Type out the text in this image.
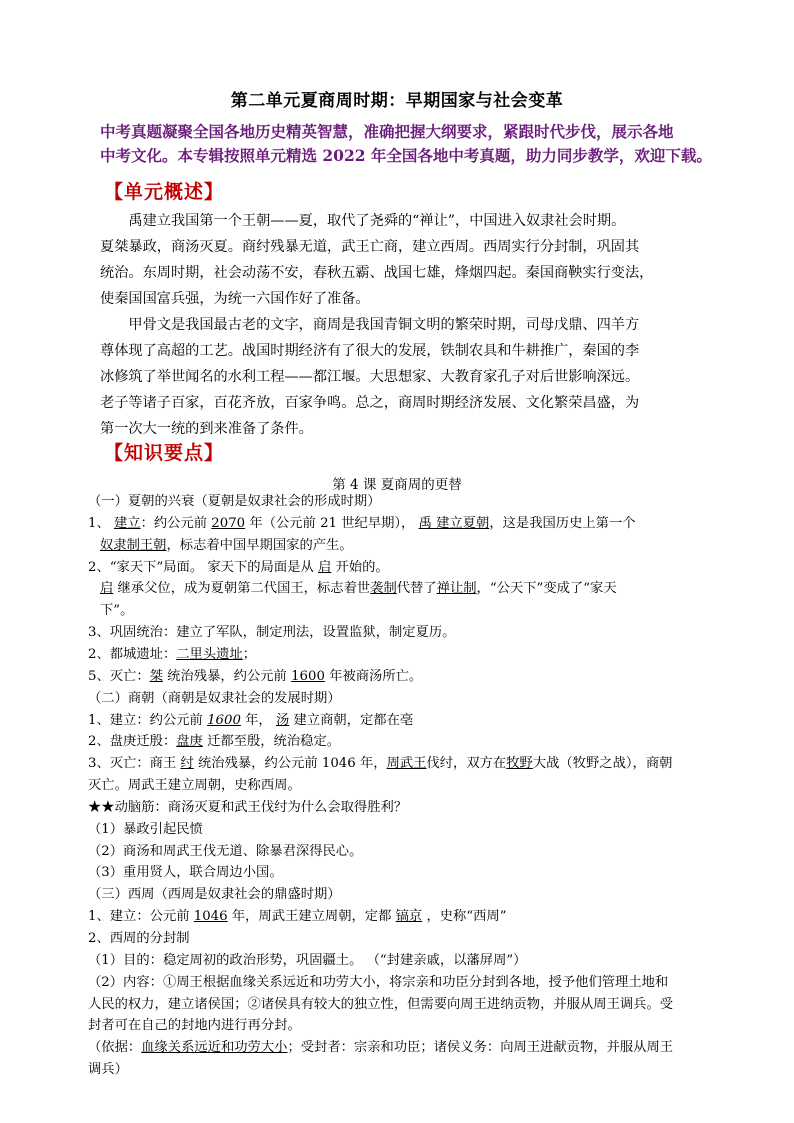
第二单元夏商周时期：早期国家与社会变革
中考真题凝聚全国各地历史精英智慧，准确把握大纲要求，紧跟时代步伐，展示各地
中考文化。本专辑按照单元精选 2022 年全国各地中考真题，助力同步教学，欢迎下载。
【单元概述】

禹建立我国第一个王朝——夏，取代了尧舜的“禅让”，中国进入奴隶社会时期。

夏桀暴政，商汤灭夏。商纣残暴无道，武王亡商，建立西周。西周实行分封制，巩固其
统治。东周时期，社会动荡不安，春秋五霸、战国七雄，烽烟四起。秦国商鞅实行变法，
使秦国国富兵强，为统一六国作好了准备。

甲骨文是我国最古老的文字，商周是我国青铜文明的繁荣时期，司母戊鼎、四羊方

尊体现了高超的工艺。战国时期经济有了很大的发展，铁制农具和牛耕推广，秦国的李
冰修筑了举世闻名的水利工程——都江堰。大思想家、大教育家孔子对后世影响深远。
老子等诸子百家，百花齐放，百家争鸣。总之，商周时期经济发展、文化繁荣昌盛，为
第一次大一统的到来准备了条件。
【知识要点】
第 4 课 夏商周的更替
（一）夏朝的兴衰（夏朝是奴隶社会的形成时期）
1、 建立：约公元前 2070 年（公元前 21 世纪早期）， 禹 建立夏朝，这是我国历史上第一个
奴隶制王朝，标志着中国早期国家的产生。
2、“家天下”局面。 家天下的局面是从 启 开始的。
启 继承父位，成为夏朝第二代国王，标志着世袭制代替了禅让制，“公天下”变成了“家天
下”。
3、巩固统治：建立了军队，制定刑法，设置监狱，制定夏历。
2、都城遗址：二里头遗址；
5、灭亡：桀 统治残暴，约公元前 1600 年被商汤所亡。
（二）商朝（商朝是奴隶社会的发展时期）
1、建立：约公元前 1600 年， 汤 建立商朝，定都在亳
2、盘庚迁殷：盘庚 迁都至殷，统治稳定。
3、灭亡：商王 纣 统治残暴，约公元前 1046 年，周武王伐纣，双方在牧野大战（牧野之战），商朝
灭亡。周武王建立周朝，史称西周。
★★动脑筋：商汤灭夏和武王伐纣为什么会取得胜利？
（1）暴政引起民愤
（2）商汤和周武王伐无道、除暴君深得民心。
（3）重用贤人，联合周边小国。
（三）西周（西周是奴隶社会的鼎盛时期）
1、建立：公元前 1046 年，周武王建立周朝，定都 镐京 ，史称“西周”
2、西周的分封制
（1）目的：稳定周初的政治形势，巩固疆土。 （“封建亲戚，以藩屏周”）
（2）内容：①周王根据血缘关系远近和功劳大小，将宗亲和功臣分封到各地，授予他们管理土地和
人民的权力，建立诸侯国；②诸侯具有较大的独立性，但需要向周王进纳贡物，并服从周王调兵。受
封者可在自己的封地内进行再分封。
（依据：血缘关系远近和功劳大小；受封者：宗亲和功臣；诸侯义务：向周王进献贡物，并服从周王
调兵）
